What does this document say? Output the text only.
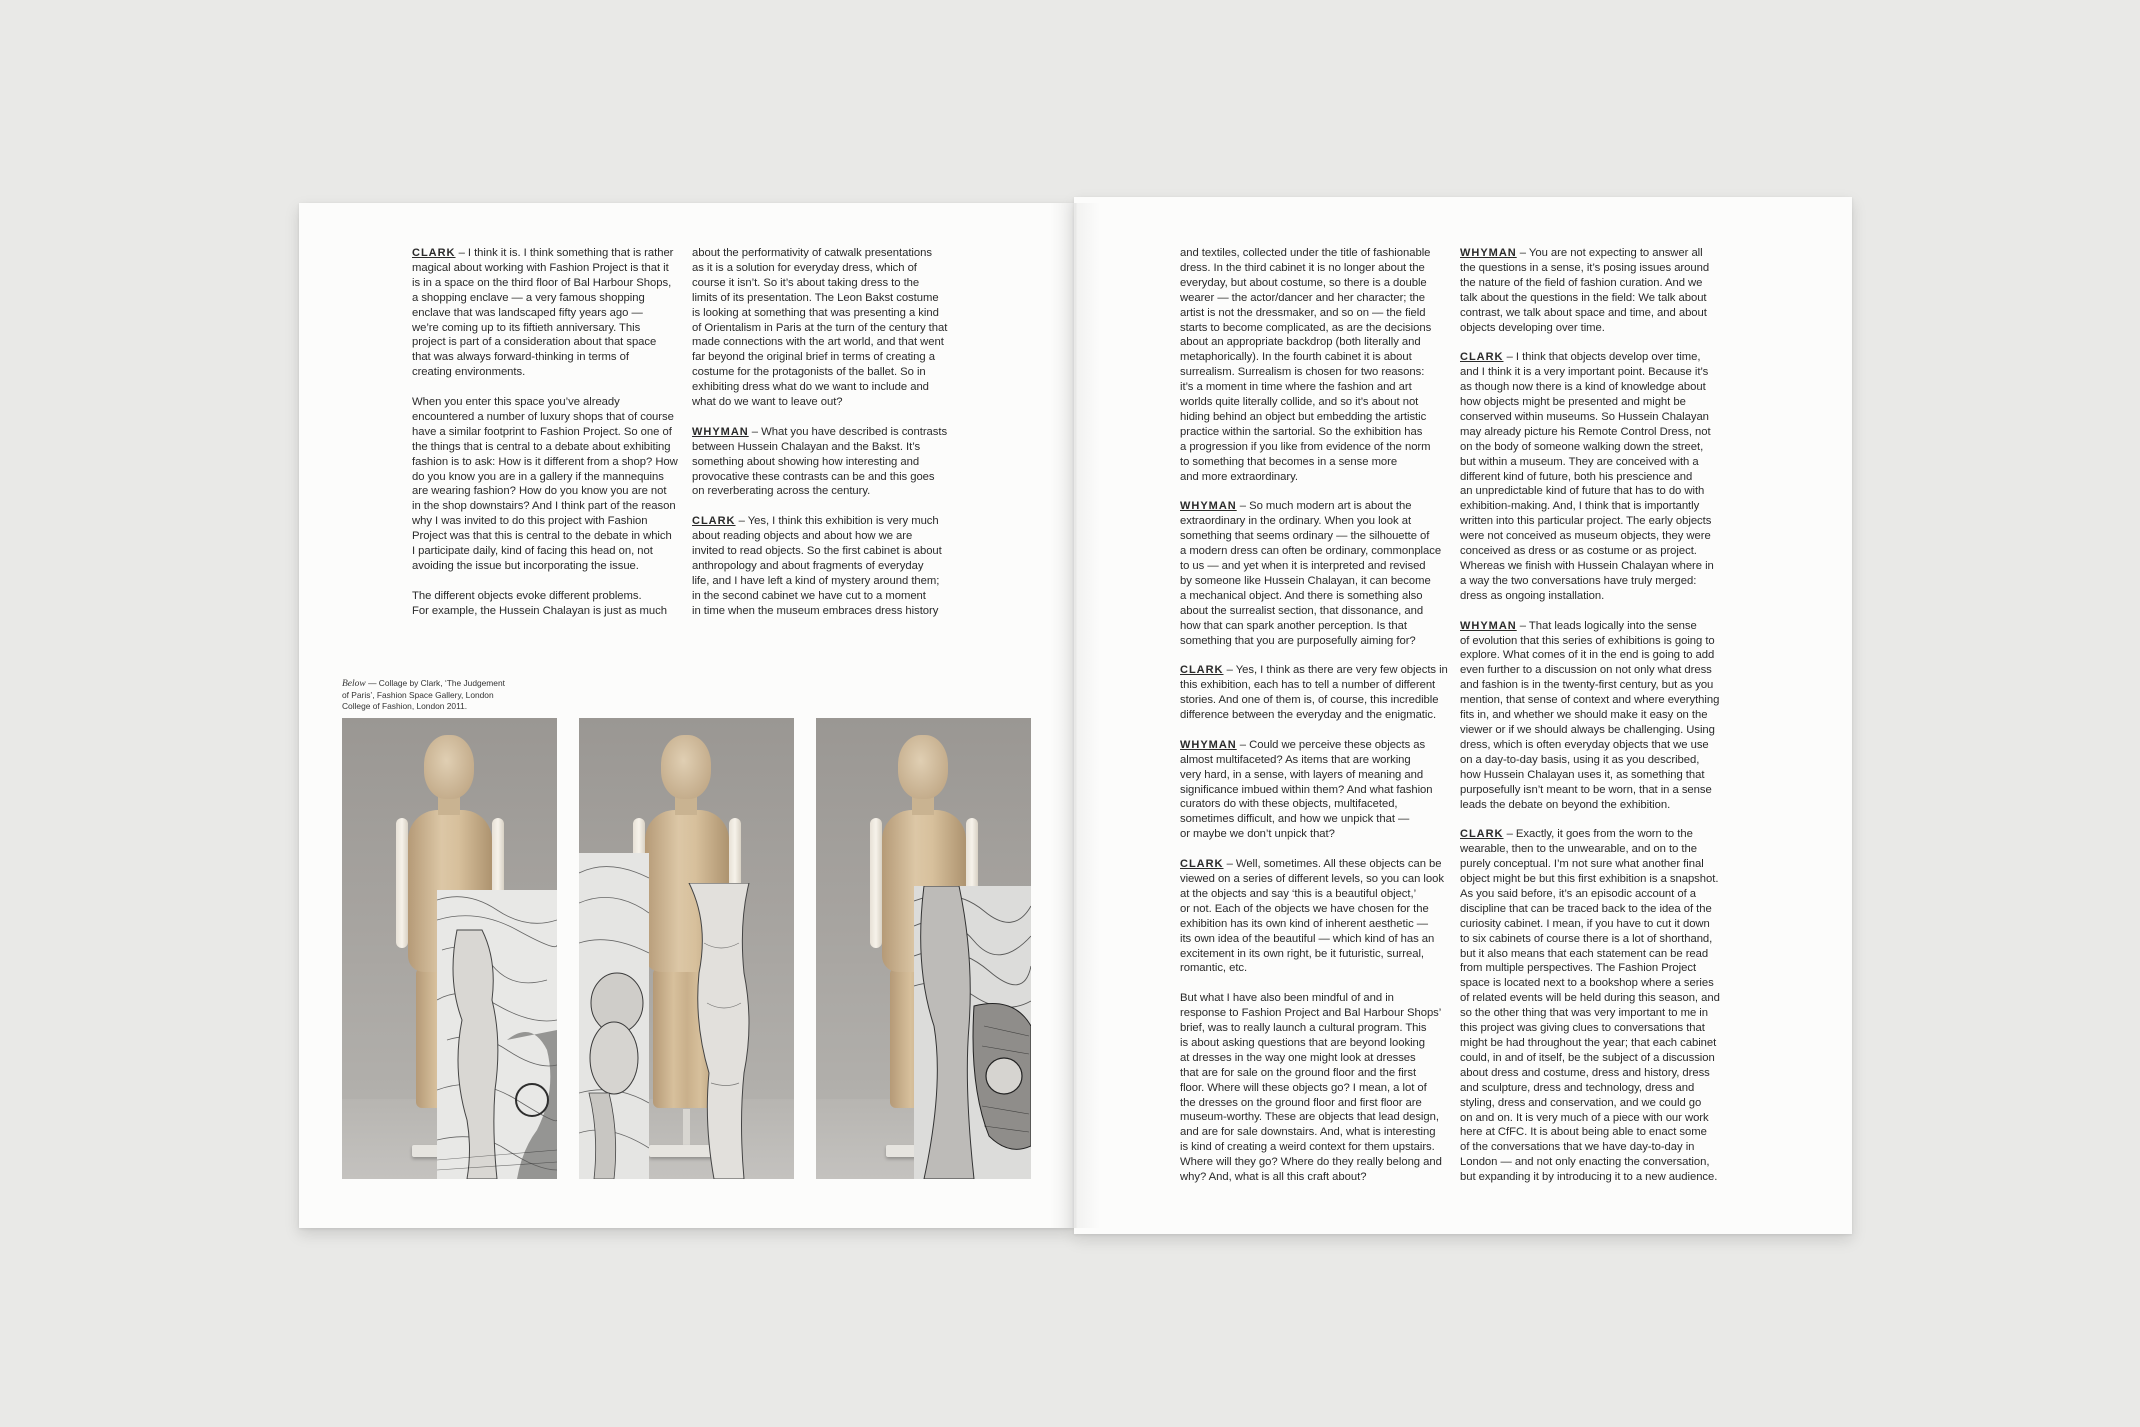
CLARK – I think it is. I think something that is rather
magical about working with Fashion Project is that it
is in a space on the third floor of Bal Harbour Shops,
a shopping enclave — a very famous shopping
enclave that was landscaped fifty years ago —
we’re coming up to its fiftieth anniversary. This
project is part of a consideration about that space
that was always forward-thinking in terms of
creating environments.

When you enter this space you’ve already
encountered a number of luxury shops that of course
have a similar footprint to Fashion Project. So one of
the things that is central to a debate about exhibiting
fashion is to ask: How is it different from a shop? How
do you know you are in a gallery if the mannequins
are wearing fashion? How do you know you are not
in the shop downstairs? And I think part of the reason
why I was invited to do this project with Fashion
Project was that this is central to the debate in which
I participate daily, kind of facing this head on, not
avoiding the issue but incorporating the issue.

The different objects evoke different problems.
For example, the Hussein Chalayan is just as much

about the performativity of catwalk presentations
as it is a solution for everyday dress, which of
course it isn’t. So it’s about taking dress to the
limits of its presentation. The Leon Bakst costume
is looking at something that was presenting a kind
of Orientalism in Paris at the turn of the century that
made connections with the art world, and that went
far beyond the original brief in terms of creating a
costume for the protagonists of the ballet. So in
exhibiting dress what do we want to include and
what do we want to leave out?

WHYMAN – What you have described is contrasts
between Hussein Chalayan and the Bakst. It’s
something about showing how interesting and
provocative these contrasts can be and this goes
on reverberating across the century.

CLARK – Yes, I think this exhibition is very much
about reading objects and about how we are
invited to read objects. So the first cabinet is about
anthropology and about fragments of everyday
life, and I have left a kind of mystery around them;
in the second cabinet we have cut to a moment
in time when the museum embraces dress history

Below — Collage by Clark, ‘The Judgement
of Paris’, Fashion Space Gallery, London
College of Fashion, London 2011.

and textiles, collected under the title of fashionable
dress. In the third cabinet it is no longer about the
everyday, but about costume, so there is a double
wearer — the actor/dancer and her character; the
artist is not the dressmaker, and so on — the field
starts to become complicated, as are the decisions
about an appropriate backdrop (both literally and
metaphorically). In the fourth cabinet it is about
surrealism. Surrealism is chosen for two reasons:
it’s a moment in time where the fashion and art
worlds quite literally collide, and so it’s about not
hiding behind an object but embedding the artistic
practice within the sartorial. So the exhibition has
a progression if you like from evidence of the norm
to something that becomes in a sense more
and more extraordinary.

WHYMAN – So much modern art is about the
extraordinary in the ordinary. When you look at
something that seems ordinary — the silhouette of
a modern dress can often be ordinary, commonplace
to us — and yet when it is interpreted and revised
by someone like Hussein Chalayan, it can become
a mechanical object. And there is something also
about the surrealist section, that dissonance, and
how that can spark another perception. Is that
something that you are purposefully aiming for?

CLARK – Yes, I think as there are very few objects in
this exhibition, each has to tell a number of different
stories. And one of them is, of course, this incredible
difference between the everyday and the enigmatic.

WHYMAN – Could we perceive these objects as
almost multifaceted? As items that are working
very hard, in a sense, with layers of meaning and
significance imbued within them? And what fashion
curators do with these objects, multifaceted,
sometimes difficult, and how we unpick that —
or maybe we don’t unpick that?

CLARK – Well, sometimes. All these objects can be
viewed on a series of different levels, so you can look
at the objects and say ‘this is a beautiful object,’
or not. Each of the objects we have chosen for the
exhibition has its own kind of inherent aesthetic —
its own idea of the beautiful — which kind of has an
excitement in its own right, be it futuristic, surreal,
romantic, etc.

But what I have also been mindful of and in
response to Fashion Project and Bal Harbour Shops’
brief, was to really launch a cultural program. This
is about asking questions that are beyond looking
at dresses in the way one might look at dresses
that are for sale on the ground floor and the first
floor. Where will these objects go? I mean, a lot of
the dresses on the ground floor and first floor are
museum-worthy. These are objects that lead design,
and are for sale downstairs. And, what is interesting
is kind of creating a weird context for them upstairs.
Where will they go? Where do they really belong and
why? And, what is all this craft about?

WHYMAN – You are not expecting to answer all
the questions in a sense, it’s posing issues around
the nature of the field of fashion curation. And we
talk about the questions in the field: We talk about
contrast, we talk about space and time, and about
objects developing over time.

CLARK – I think that objects develop over time,
and I think it is a very important point. Because it’s
as though now there is a kind of knowledge about
how objects might be presented and might be
conserved within museums. So Hussein Chalayan
may already picture his Remote Control Dress, not
on the body of someone walking down the street,
but within a museum. They are conceived with a
different kind of future, both his prescience and
an unpredictable kind of future that has to do with
exhibition-making. And, I think that is importantly
written into this particular project. The early objects
were not conceived as museum objects, they were
conceived as dress or as costume or as project.
Whereas we finish with Hussein Chalayan where in
a way the two conversations have truly merged:
dress as ongoing installation.

WHYMAN – That leads logically into the sense
of evolution that this series of exhibitions is going to
explore. What comes of it in the end is going to add
even further to a discussion on not only what dress
and fashion is in the twenty-first century, but as you
mention, that sense of context and where everything
fits in, and whether we should make it easy on the
viewer or if we should always be challenging. Using
dress, which is often everyday objects that we use
on a day-to-day basis, using it as you described,
how Hussein Chalayan uses it, as something that
purposefully isn’t meant to be worn, that in a sense
leads the debate on beyond the exhibition.

CLARK – Exactly, it goes from the worn to the
wearable, then to the unwearable, and on to the
purely conceptual. I’m not sure what another final
object might be but this first exhibition is a snapshot.
As you said before, it’s an episodic account of a
discipline that can be traced back to the idea of the
curiosity cabinet. I mean, if you have to cut it down
to six cabinets of course there is a lot of shorthand,
but it also means that each statement can be read
from multiple perspectives. The Fashion Project
space is located next to a bookshop where a series
of related events will be held during this season, and
so the other thing that was very important to me in
this project was giving clues to conversations that
might be had throughout the year; that each cabinet
could, in and of itself, be the subject of a discussion
about dress and costume, dress and history, dress
and sculpture, dress and technology, dress and
styling, dress and conservation, and we could go
on and on. It is very much of a piece with our work
here at CfFC. It is about being able to enact some
of the conversations that we have day-to-day in
London — and not only enacting the conversation,
but expanding it by introducing it to a new audience.
